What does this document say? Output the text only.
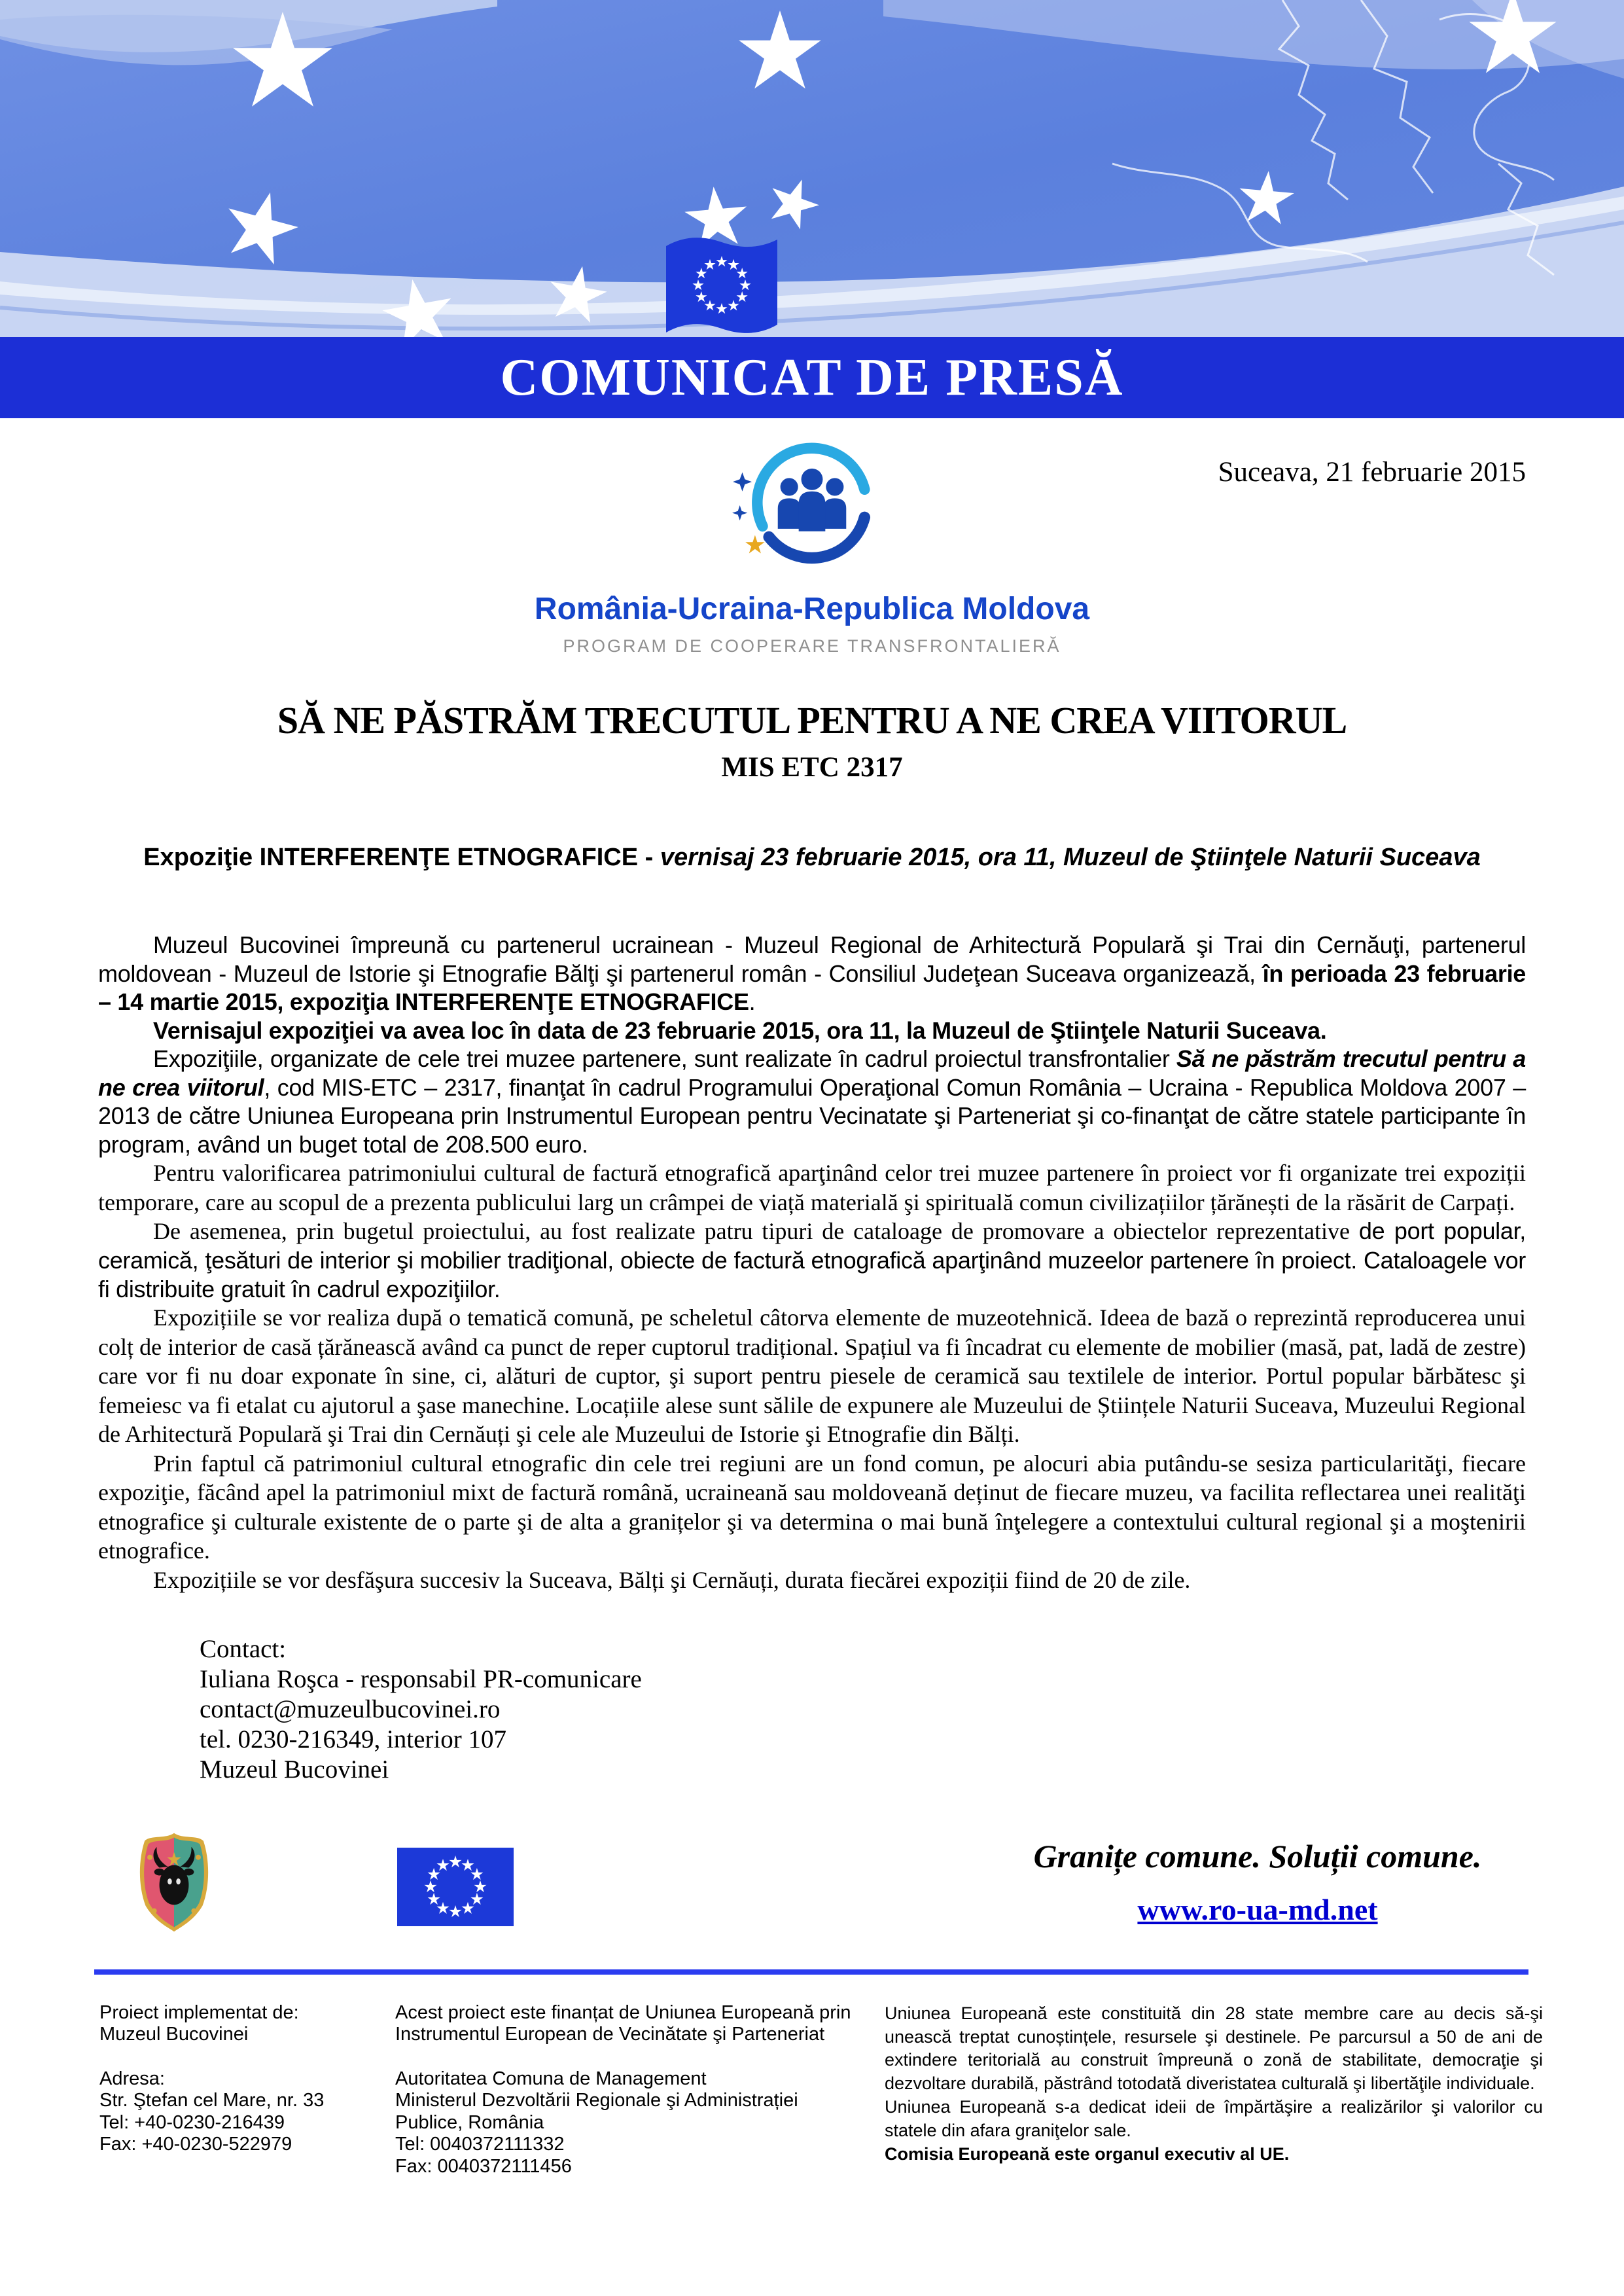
COMUNICAT DE PRESĂ
Suceava, 21 februarie 2015
România-Ucraina-Republica Moldova
PROGRAM DE COOPERARE TRANSFRONTALIERĂ
SĂ NE PĂSTRĂM TRECUTUL PENTRU A NE CREA VIITORUL
MIS ETC 2317
Expoziţie INTERFERENŢE ETNOGRAFICE - vernisaj 23 februarie 2015, ora 11, Muzeul de Ştiinţele Naturii Suceava

Muzeul Bucovinei împreună cu partenerul ucrainean - Muzeul Regional de Arhitectură Populară şi Trai din Cernăuţi, partenerul moldovean - Muzeul de Istorie şi Etnografie Bălţi şi partenerul român - Consiliul Judeţean Suceava organizează, în perioada 23 februarie – 14 martie 2015, expoziţia INTERFERENŢE ETNOGRAFICE.

Vernisajul expoziţiei va avea loc în data de 23 februarie 2015, ora 11, la Muzeul de Ştiinţele Naturii Suceava.

Expoziţiile, organizate de cele trei muzee partenere, sunt realizate în cadrul proiectul transfrontalier Să ne păstrăm trecutul pentru a ne crea viitorul, cod MIS-ETC – 2317, finanţat în cadrul Programului Operaţional Comun România – Ucraina - Republica Moldova 2007 – 2013 de către Uniunea Europeana prin Instrumentul European pentru Vecinatate şi Parteneriat şi co-finanţat de către statele participante în program, având un buget total de 208.500 euro.

Pentru valorificarea patrimoniului cultural de factură etnografică aparţinând celor trei muzee partenere în proiect vor fi organizate trei expoziții temporare, care au scopul de a prezenta publicului larg un crâmpei de viață materială şi spirituală comun civilizațiilor țărănești de la răsărit de Carpați.

De asemenea, prin bugetul proiectului, au fost realizate patru tipuri de cataloage de promovare a obiectelor reprezentative de port popular, ceramică, ţesături de interior şi mobilier tradiţional, obiecte de factură etnografică aparţinând muzeelor partenere în proiect. Cataloagele vor fi distribuite gratuit în cadrul expoziţiilor.

Expozițiile se vor realiza după o tematică comună, pe scheletul câtorva elemente de muzeotehnică. Ideea de bază o reprezintă reproducerea unui colț de interior de casă țărănească având ca punct de reper cuptorul tradițional. Spațiul va fi încadrat cu elemente de mobilier (masă, pat, ladă de zestre) care vor fi nu doar exponate în sine, ci, alături de cuptor, şi suport pentru piesele de ceramică sau textilele de interior. Portul popular bărbătesc şi femeiesc va fi etalat cu ajutorul a şase manechine. Locațiile alese sunt sălile de expunere ale Muzeului de Științele Naturii Suceava, Muzeului Regional de Arhitectură Populară şi Trai din Cernăuți şi cele ale Muzeului de Istorie şi Etnografie din Bălți.

Prin faptul că patrimoniul cultural etnografic din cele trei regiuni are un fond comun, pe alocuri abia putându-se sesiza particularităţi, fiecare expoziţie, făcând apel la patrimoniul mixt de factură română, ucraineană sau moldoveană deținut de fiecare muzeu, va facilita reflectarea unei realităţi etnografice şi culturale existente de o parte şi de alta a granițelor şi va determina o mai bună înţelegere a contextului cultural regional şi a moştenirii etnografice.

Expozițiile se vor desfăşura succesiv la Suceava, Bălți şi Cernăuți, durata fiecărei expoziții fiind de 20 de zile.

Contact:
Iuliana Roşca - responsabil PR-comunicare
contact@muzeulbucovinei.ro
tel. 0230-216349, interior 107
Muzeul Bucovinei
Granițe comune. Soluții comune.
www.ro-ua-md.net
Proiect implementat de:
Muzeul Bucovinei

Adresa:
Str. Ştefan cel Mare, nr. 33
Tel: +40-0230-216439
Fax: +40-0230-522979
Acest proiect este finanțat de Uniunea Europeană prin Instrumentul European de Vecinătate şi Parteneriat

Autoritatea Comuna de Management
Ministerul Dezvoltării Regionale şi Administrației Publice, România
Tel: 0040372111332
Fax: 0040372111456

Uniunea Europeană este constituită din 28 state membre care au decis să-şi unească treptat cunoștințele, resursele şi destinele. Pe parcursul a 50 de ani de extindere teritorială au construit împreună o zonă de stabilitate, democraţie şi dezvoltare durabilă, păstrând totodată diveristatea culturală şi libertăţile individuale.

Uniunea Europeană s-a dedicat ideii de împărtăşire a realizărilor şi valorilor cu statele din afara graniţelor sale.

Comisia Europeană este organul executiv al UE.
